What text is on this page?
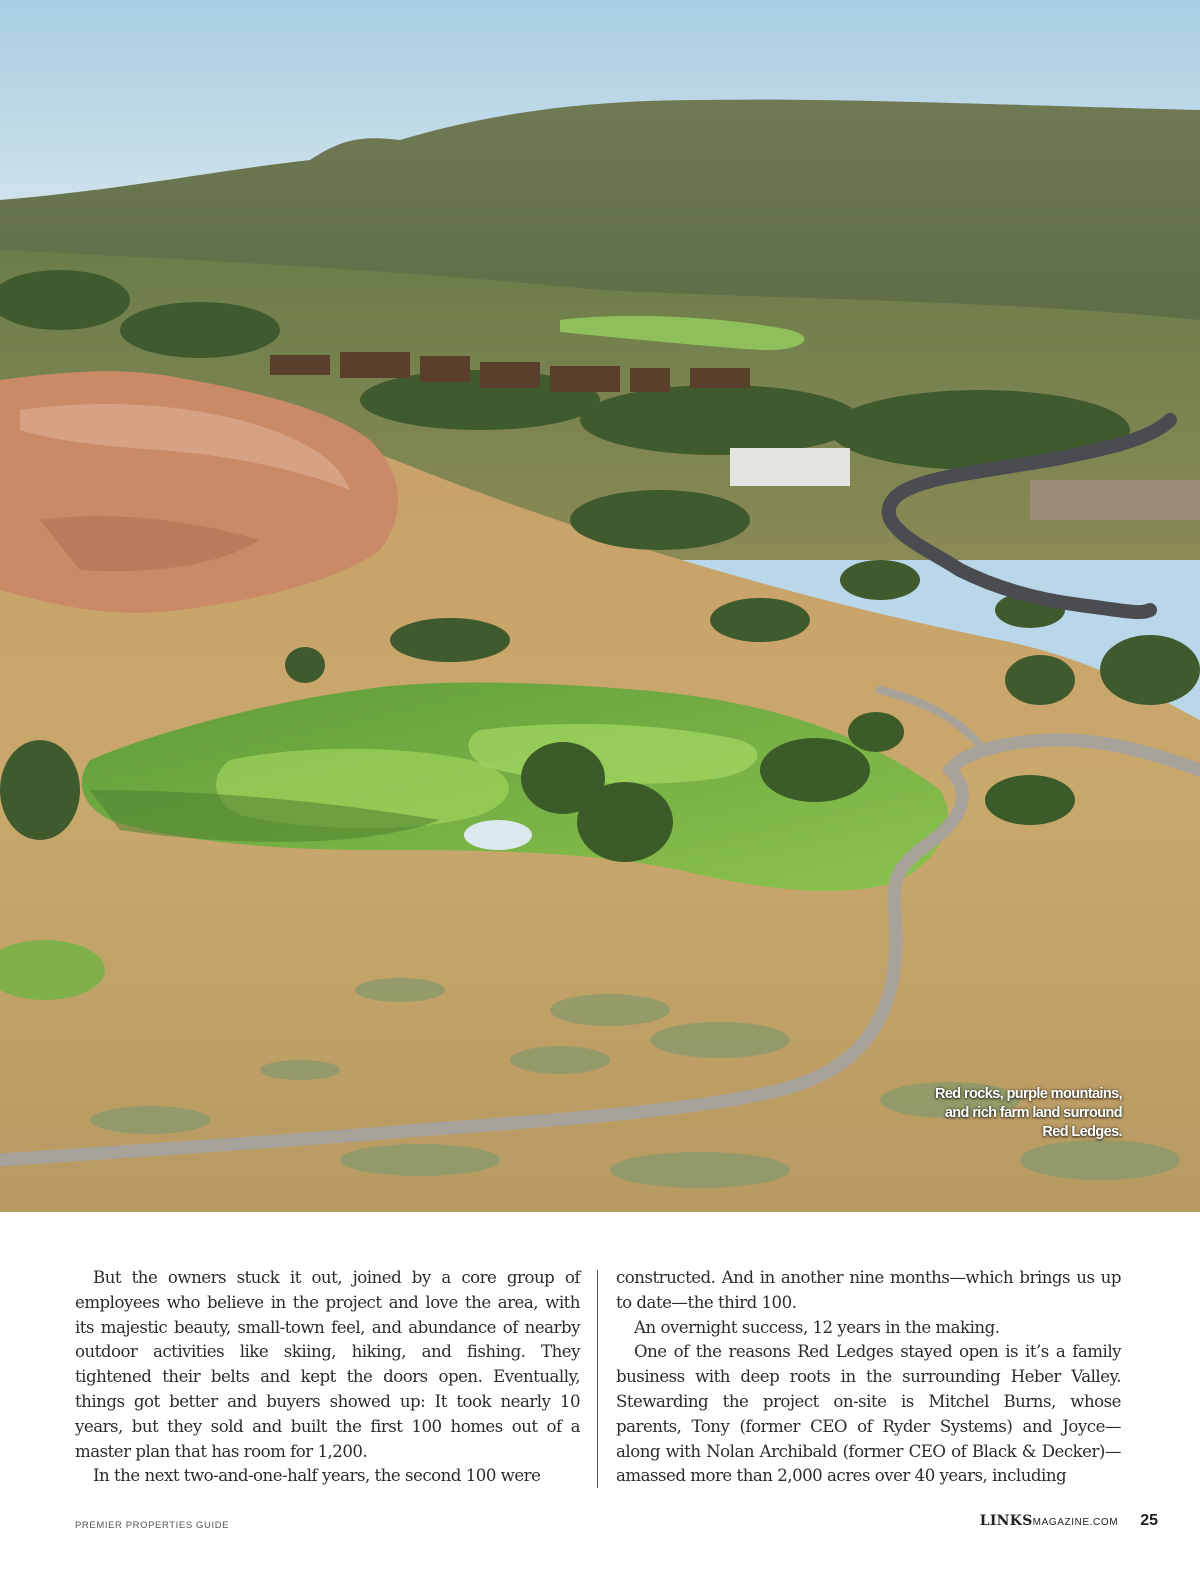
Red rocks, purple mountains, and rich farm land surround Red Ledges.

But the owners stuck it out, joined by a core group of employees who believe in the project and love the area, with its majestic beauty, small-town feel, and abundance of nearby outdoor activities like skiing, hiking, and fishing. They tightened their belts and kept the doors open. Eventually, things got better and buyers showed up: It took nearly 10 years, but they sold and built the first 100 homes out of a master plan that has room for 1,200.

In the next two-and-one-half years, the second 100 were

constructed. And in another nine months—which brings us up to date—the third 100.

An overnight success, 12 years in the making.

One of the reasons Red Ledges stayed open is it’s a family business with deep roots in the surrounding Heber Valley. Stewarding the project on-site is Mitchel Burns, whose parents, Tony (former CEO of Ryder Systems) and Joyce—along with Nolan Archibald (former CEO of Black & Decker)—amassed more than 2,000 acres over 40 years, including

PREMIER PROPERTIES GUIDE	LINKS MAGAZINE.COM 25
